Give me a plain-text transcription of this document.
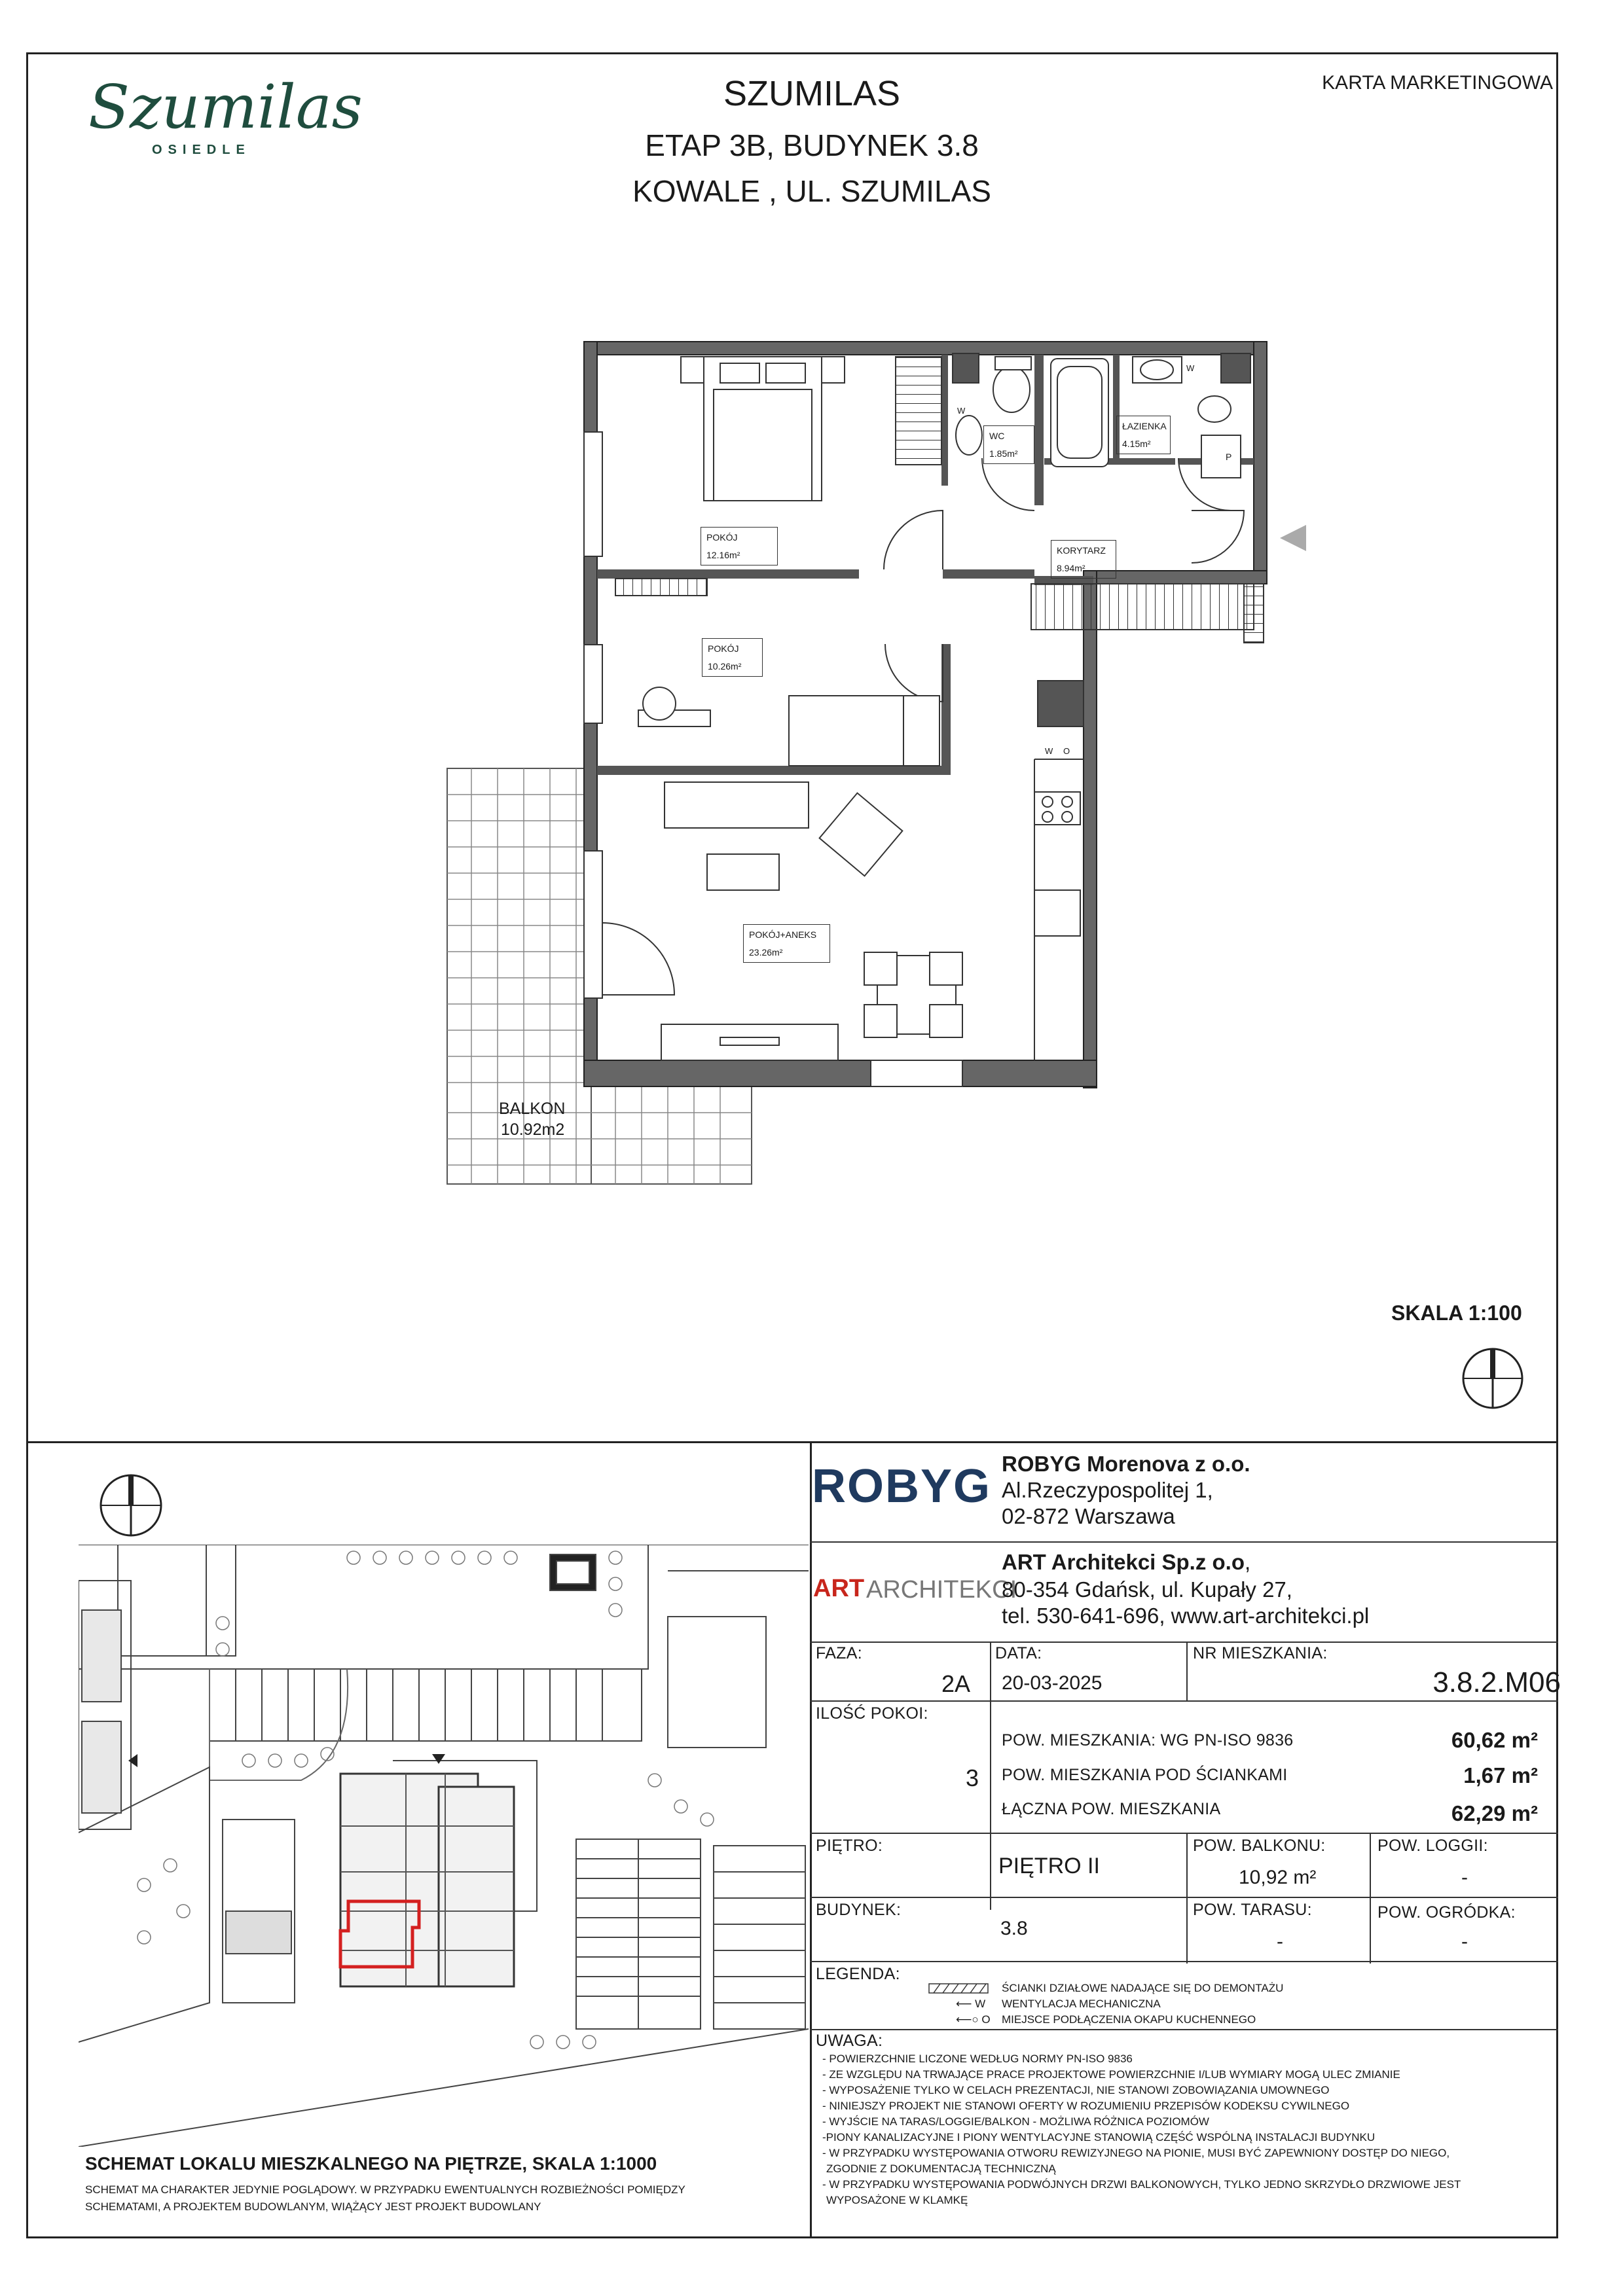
Szumilas
OSIEDLE
SZUMILAS
ETAP 3B, BUDYNEK 3.8
KOWALE , UL. SZUMILAS
KARTA MARKETINGOWA
POKÓJ
12.16m²
WC
1.85m²
ŁAZIENKA
4.15m²
KORYTARZ
8.94m²
POKÓJ
10.26m²
POKÓJ+ANEKS
23.26m²
BALKON
10.92m2
P
W
W
W O
SKALA 1:100
SCHEMAT LOKALU MIESZKALNEGO NA PIĘTRZE, SKALA 1:1000
SCHEMAT MA CHARAKTER JEDYNIE POGLĄDOWY. W PRZYPADKU EWENTUALNYCH ROZBIEŻNOŚCI POMIĘDZY
SCHEMATAMI, A PROJEKTEM BUDOWLANYM, WIĄŻĄCY JEST PROJEKT BUDOWLANY
ROBYG ROBYG Morenova z o.o.
Al.Rzeczypospolitej 1,
02-872 Warszawa
ART ARCHITEKCI
ART Architekci Sp.z o.o,
80-354 Gdańsk, ul. Kupały 27,
tel. 530-641-696, www.art-architekci.pl
FAZA:
2A
DATA:
20-03-2025
NR MIESZKANIA:
3.8.2.M06
ILOŚĆ POKOI:
3
POW. MIESZKANIA: WG PN-ISO 9836	60,62 m²
POW. MIESZKANIA POD ŚCIANKAMI	1,67 m²
ŁĄCZNA POW. MIESZKANIA	62,29 m²
PIĘTRO:
PIĘTRO II
POW. BALKONU:
10,92 m²
POW. LOGGII:
-
BUDYNEK:
3.8
POW. TARASU:
-
POW. OGRÓDKA:
-
LEGENDA:
ŚCIANKI DZIAŁOWE NADAJĄCE SIĘ DO DEMONTAŻU
⟵ W WENTYLACJA MECHANICZNA
⟵○ O MIEJSCE PODŁĄCZENIA OKAPU KUCHENNEGO
UWAGA:
- POWIERZCHNIE LICZONE WEDŁUG NORMY PN-ISO 9836
- ZE WZGLĘDU NA TRWAJĄCE PRACE PROJEKTOWE POWIERZCHNIE I/LUB WYMIARY MOGĄ ULEC ZMIANIE
- WYPOSAŻENIE TYLKO W CELACH PREZENTACJI, NIE STANOWI ZOBOWIĄZANIA UMOWNEGO
- NINIEJSZY PROJEKT NIE STANOWI OFERTY W ROZUMIENIU PRZEPISÓW KODEKSU CYWILNEGO
- WYJŚCIE NA TARAS/LOGGIE/BALKON - MOŻLIWA RÓŻNICA POZIOMÓW
-PIONY KANALIZACYJNE I PIONY WENTYLACYJNE STANOWIĄ CZĘŚĆ WSPÓLNĄ INSTALACJI BUDYNKU
- W PRZYPADKU WYSTĘPOWANIA OTWORU REWIZYJNEGO NA PIONIE, MUSI BYĆ ZAPEWNIONY DOSTĘP DO NIEGO,
ZGODNIE Z DOKUMENTACJĄ TECHNICZNĄ
- W PRZYPADKU WYSTĘPOWANIA PODWÓJNYCH DRZWI BALKONOWYCH, TYLKO JEDNO SKRZYDŁO DRZWIOWE JEST
WYPOSAŻONE W KLAMKĘ
